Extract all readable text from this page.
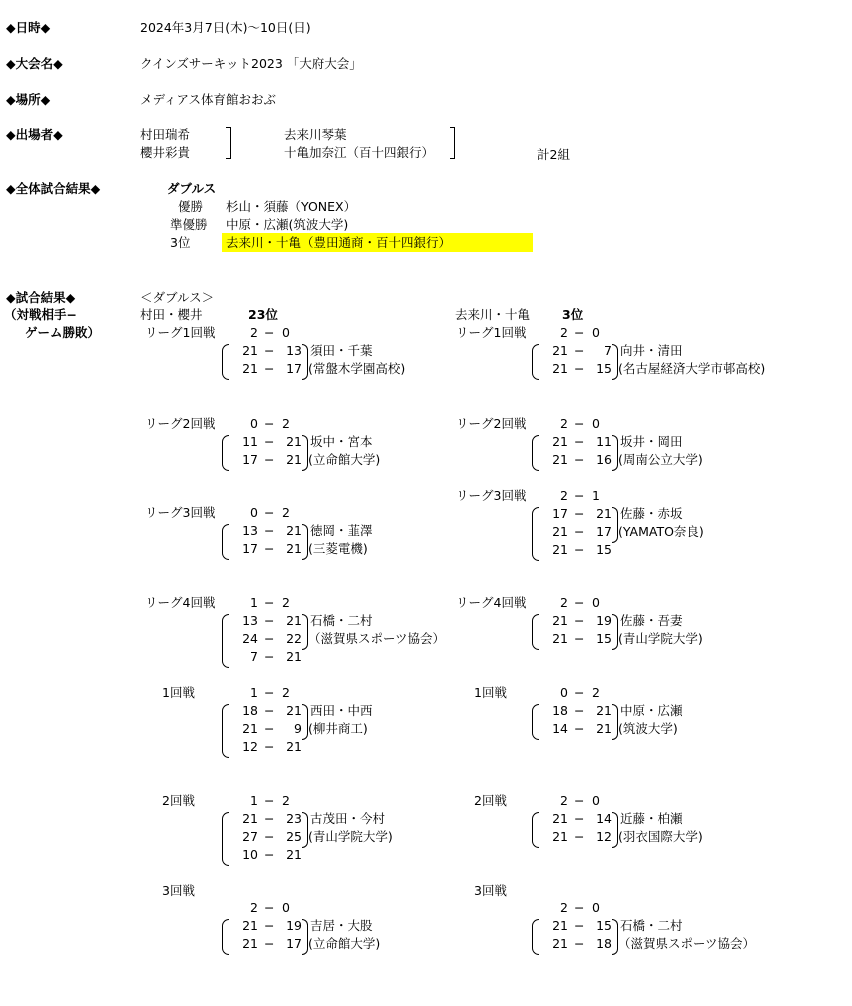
◆日時◆	2024年3月7日(木)〜10日(日)
◆大会名◆	クインズサーキット2023 「大府大会」
◆場所◆	メディアス体育館おおぶ
◆出場者◆	村田瑞希
櫻井彩貴
去来川琴葉
十亀加奈江（百十四銀行）	計2組
◆全体試合結果◆	ダブルス
優勝 杉山・須藤（YONEX）
準優勝 中原・広瀬(筑波大学)
3位	去来川・十亀（豊田通商・百十四銀行）
◆試合結果◆
（対戦相手−
ゲーム勝敗）
＜ダブルス＞
村田・櫻井	23位	去来川・十亀	3位
リーグ1回戦	2 − 0
21 − 13
21 − 17
須田・千葉
(常盤木学園高校)
リーグ2回戦	0 − 2
11 − 21
17 − 21
坂中・宮本
(立命館大学)
リーグ3回戦	0 − 2
13 − 21
17 − 21
徳岡・韮澤
(三菱電機)
リーグ4回戦	1 − 2
13 − 21
24 − 22
7 − 21
石橋・二村
（滋賀県スポーツ協会）
1回戦	1 − 2
18 − 21
21 −	9
12 − 21
西田・中西
(柳井商工)
2回戦	1 − 2
21 − 23
27 − 25
10 − 21
古茂田・今村
(青山学院大学)
3回戦
2 − 0
21 − 19
21 − 17
吉居・大股
(立命館大学)
リーグ1回戦	2 − 0
21 −	7
21 − 15
向井・清田
(名古屋経済大学市邨高校)
リーグ2回戦	2 − 0
21 − 11
21 − 16
坂井・岡田
(周南公立大学)
リーグ3回戦	2 − 1
17 − 21
21 − 17
21 − 15
佐藤・赤坂
(YAMATO奈良)
リーグ4回戦	2 − 0
21 − 19
21 − 15
佐藤・吾妻
(青山学院大学)
1回戦	0 − 2
18 − 21
14 − 21
中原・広瀬
(筑波大学)
2回戦	2 − 0
21 − 14
21 − 12
近藤・柏瀬
(羽衣国際大学)
3回戦
2 − 0
21 − 15
21 − 18
石橋・二村
（滋賀県スポーツ協会）
